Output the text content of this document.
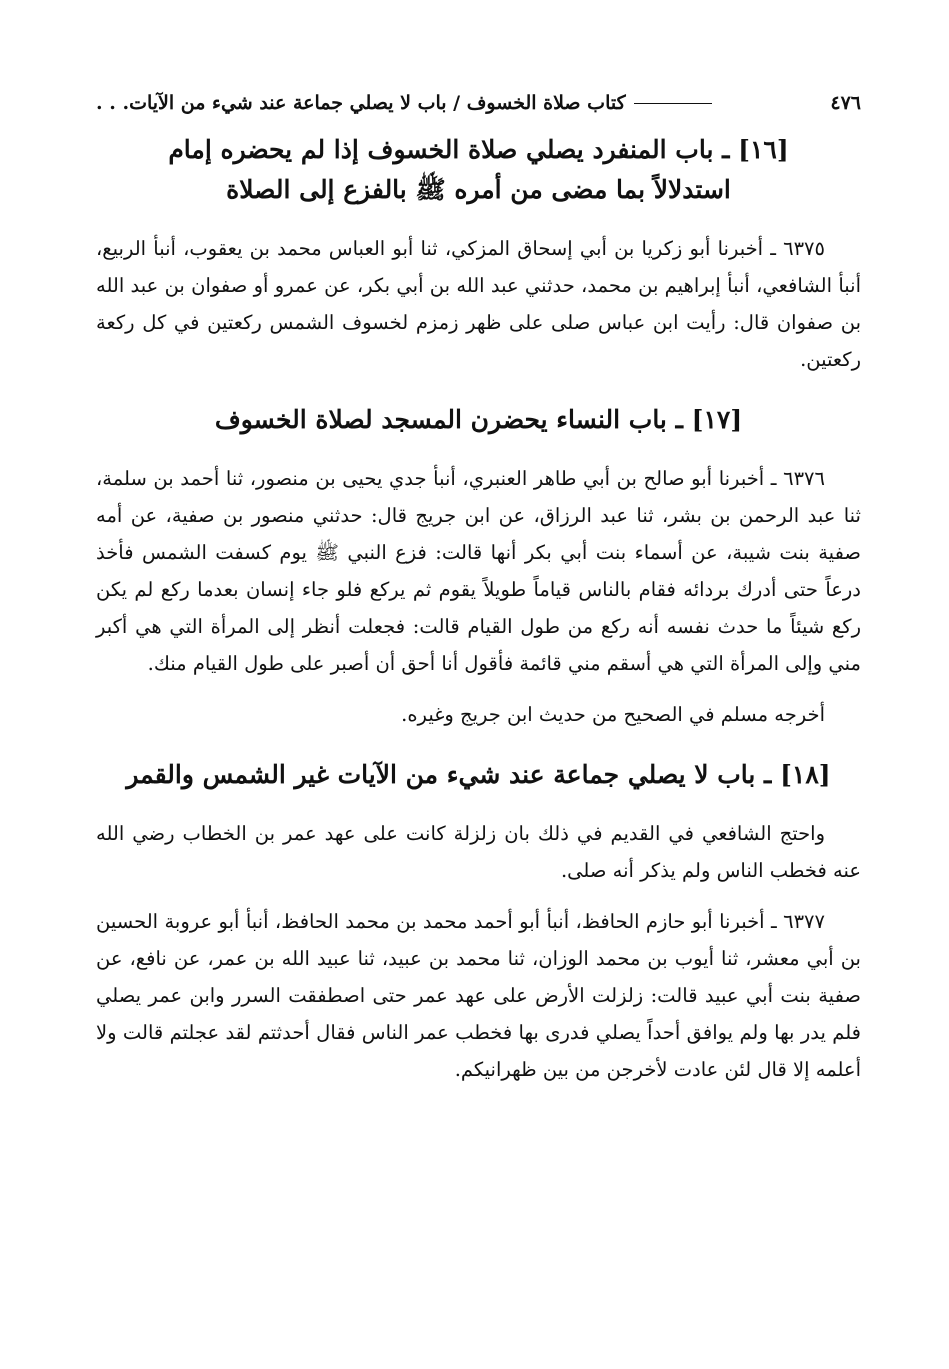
٤٧٦
كتاب صلاة الخسوف / باب لا يصلي جماعة عند شيء من الآيات. . .
[١٦] ـ باب المنفرد يصلي صلاة الخسوف إذا لم يحضره إمام
استدلالاً بما مضى من أمره ﷺ بالفزع إلى الصلاة

٦٣٧٥ ـ أخبرنا أبو زكريا بن أبي إسحاق المزكي، ثنا أبو العباس محمد بن يعقوب، أنبأ الربيع، أنبأ الشافعي، أنبأ إبراهيم بن محمد، حدثني عبد الله بن أبي بكر، عن عمرو أو صفوان بن عبد الله بن صفوان قال: رأيت ابن عباس صلى على ظهر زمزم لخسوف الشمس ركعتين في كل ركعة ركعتين.

[١٧] ـ باب النساء يحضرن المسجد لصلاة الخسوف

٦٣٧٦ ـ أخبرنا أبو صالح بن أبي طاهر العنبري، أنبأ جدي يحيى بن منصور، ثنا أحمد بن سلمة، ثنا عبد الرحمن بن بشر، ثنا عبد الرزاق، عن ابن جريج قال: حدثني منصور بن صفية، عن أمه صفية بنت شيبة، عن أسماء بنت أبي بكر أنها قالت: فزع النبي ﷺ يوم كسفت الشمس فأخذ درعاً حتى أدرك بردائه فقام بالناس قياماً طويلاً يقوم ثم يركع فلو جاء إنسان بعدما ركع لم يكن ركع شيئاً ما حدث نفسه أنه ركع من طول القيام قالت: فجعلت أنظر إلى المرأة التي هي أكبر مني وإلى المرأة التي هي أسقم مني قائمة فأقول أنا أحق أن أصبر على طول القيام منك.

أخرجه مسلم في الصحيح من حديث ابن جريج وغيره.

[١٨] ـ باب لا يصلي جماعة عند شيء من الآيات غير الشمس والقمر

واحتج الشافعي في القديم في ذلك بان زلزلة كانت على عهد عمر بن الخطاب رضي الله عنه فخطب الناس ولم يذكر أنه صلى.

٦٣٧٧ ـ أخبرنا أبو حازم الحافظ، أنبأ أبو أحمد محمد بن محمد الحافظ، أنبأ أبو عروبة الحسين بن أبي معشر، ثنا أيوب بن محمد الوزان، ثنا محمد بن عبيد، ثنا عبيد الله بن عمر، عن نافع، عن صفية بنت أبي عبيد قالت: زلزلت الأرض على عهد عمر حتى اصطفقت السرر وابن عمر يصلي فلم يدر بها ولم يوافق أحداً يصلي فدرى بها فخطب عمر الناس فقال أحدثتم لقد عجلتم قالت ولا أعلمه إلا قال لئن عادت لأخرجن من بين ظهرانيكم.
